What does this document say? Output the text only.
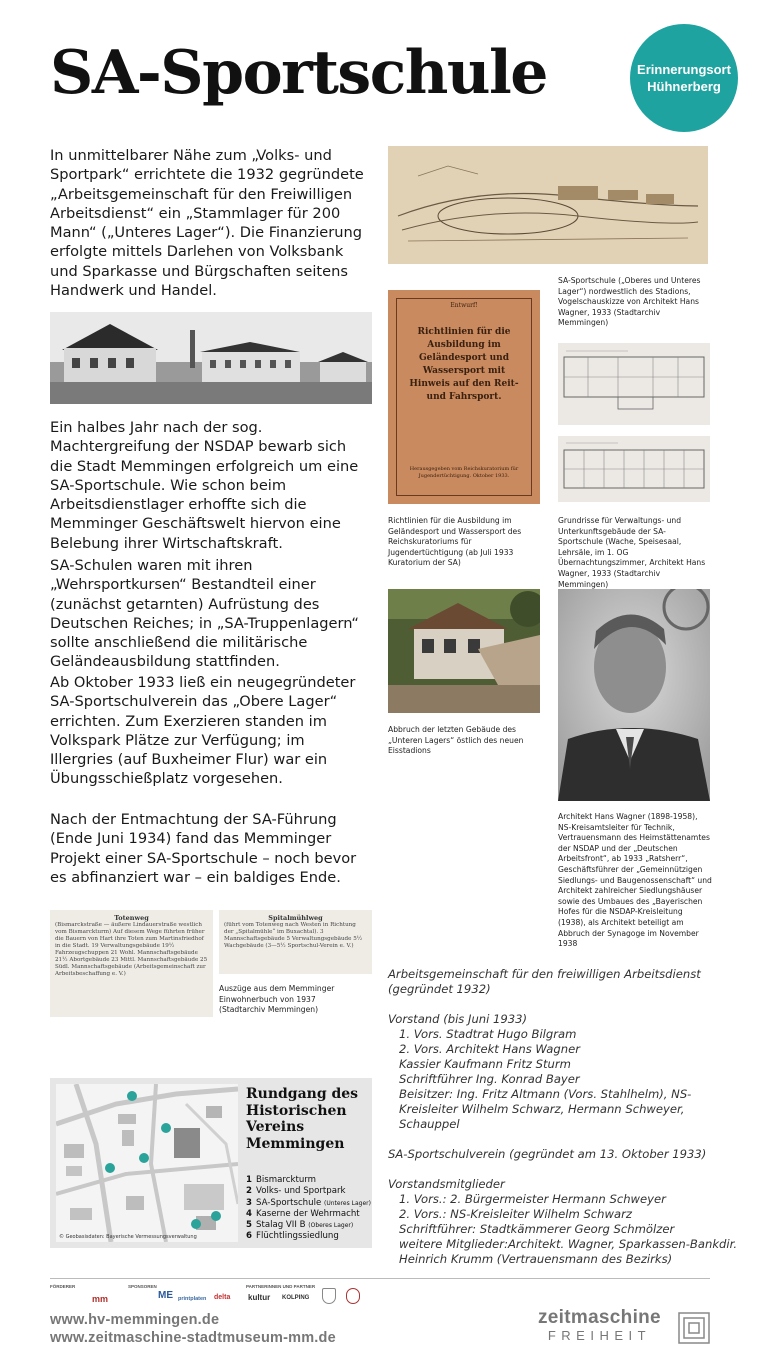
SA-Sportschule	Erinnerungsort
Hühnerberg

In unmittelbarer Nähe zum „Volks- und Sportpark“ errichtete die 1932 gegründete „Arbeitsgemeinschaft für den Freiwilligen Arbeitsdienst“ ein „Stammlager für 200 Mann“ („Unteres Lager“). Die Finanzierung erfolgte mittels Darlehen von Volksbank und Sparkasse und Bürgschaften seitens Handwerk und Handel.

Ein halbes Jahr nach der sog. Machtergreifung der NSDAP bewarb sich die Stadt Memmingen erfolgreich um eine SA-Sportschule. Wie schon beim Arbeitsdienstlager erhoffte sich die Memminger Geschäftswelt hiervon eine Belebung ihrer Wirtschaftskraft.

SA-Schulen waren mit ihren „Wehrsportkursen“ Bestandteil einer (zunächst getarnten) Aufrüstung des Deutschen Reiches; in „SA-Truppenlagern“ sollte anschließend die militärische Geländeausbildung stattfinden.

Ab Oktober 1933 ließ ein neugegründeter SA-Sportschulverein das „Obere Lager“ errichten. Zum Exerzieren standen im Volkspark Plätze zur Verfügung; im Illergries (auf Buxheimer Flur) war ein Übungsschießplatz vorgesehen.

Nach der Entmachtung der SA-Führung (Ende Juni 1934) fand das Memminger Projekt einer SA-Sportschule – noch bevor es abfinanziert war – ein baldiges Ende.

Totenweg
(Bismarckstraße — äußere Lindauerstraße westlich vom Bismarckturm) Auf diesem Wege führten früher die Bauern von Hart ihre Toten zum Martinsfriedhof in die Stadt. 19 Verwaltungsgebäude 19½ Fahrzeugschuppen 21 Wohl. Mannschaftsgebäude 21½ Abortgebäude 23 Mittl. Mannschaftsgebäude 25 Südl. Mannschaftsgebäude (Arbeitsgemeinschaft zur Arbeitsbeschaffung e. V.)
Spitalmühlweg
(führt vom Totenweg nach Westen in Richtung der „Spitalmühle“ im Buxachtal). 3 Mannschaftsgebäude 5 Verwaltungsgebäude 5½ Wachgebäude (3—5½ Sportschul-Verein e. V.)
Auszüge aus dem Memminger Einwohnerbuch von 1937 (Stadtarchiv Memmingen)
© Geobasisdaten: Bayerische Vermessungsverwaltung
Rundgang des Historischen Vereins Memmingen
1 Bismarckturm
2 Volks- und Sportpark
3 SA-Sportschule (Unteres Lager)
4 Kaserne der Wehrmacht
5 Stalag VII B (Oberes Lager)
6 Flüchtlingssiedlung
SA-Sportschule („Oberes und Unteres Lager“) nordwestlich des Stadions, Vogelschauskizze von Architekt Hans Wagner, 1933 (Stadtarchiv Memmingen)
Entwurf!
Richtlinien für die Ausbildung im Geländesport und Wassersport mit Hinweis auf den Reit- und Fahrsport.
Herausgegeben vom Reichskuratorium für Jugendertüchtigung. Oktober 1933.
Richtlinien für die Ausbildung im Geländesport und Wassersport des Reichskuratoriums für Jugendertüchtigung (ab Juli 1933 Kuratorium der SA)
Grundrisse für Verwaltungs- und Unterkunftsgebäude der SA-Sportschule (Wache, Speisesaal, Lehrsäle, im 1. OG Übernachtungszimmer, Architekt Hans Wagner, 1933 (Stadtarchiv Memmingen)
Abbruch der letzten Gebäude des „Unteren Lagers“ östlich des neuen Eisstadions
Architekt Hans Wagner (1898-1958), NS-Kreisamtsleiter für Technik, Vertrauensmann des Heimstättenamtes der NSDAP und der „Deutschen Arbeitsfront“, ab 1933 „Ratsherr“, Geschäftsführer der „Gemeinnützigen Siedlungs- und Baugenossenschaft“ und Architekt zahlreicher Siedlungshäuser sowie des Umbaues des „Bayerischen Hofes für die NSDAP-Kreisleitung (1938), als Architekt beteiligt am Abbruch der Synagoge im November 1938
Arbeitsgemeinschaft für den freiwilligen Arbeitsdienst
(gegründet 1932)
Vorstand (bis Juni 1933)
1. Vors. Stadtrat Hugo Bilgram
2. Vors. Architekt Hans Wagner
Kassier Kaufmann Fritz Sturm
Schriftführer Ing. Konrad Bayer
Beisitzer: Ing. Fritz Altmann (Vors. Stahlhelm), NS-Kreisleiter Wilhelm Schwarz, Hermann Schweyer, Schauppel
SA-Sportschulverein (gegründet am 13. Oktober 1933)
Vorstandsmitglieder
1. Vors.: 2. Bürgermeister Hermann Schweyer
2. Vors.: NS-Kreisleiter Wilhelm Schwarz
Schriftführer: Stadtkämmerer Georg Schmölzer
weitere Mitglieder:Architekt. Wagner, Sparkassen-Bankdir.
Heinrich Krumm (Vertrauensmann des Bezirks)
FÖRDERER
mm
SPONSOREN
ME printplaten delta
PARTNERINNEN UND PARTNER
kultur KOLPING
www.hv-memmingen.de
www.zeitmaschine-stadtmuseum-mm.de
zeitmaschine
FREIHEIT
